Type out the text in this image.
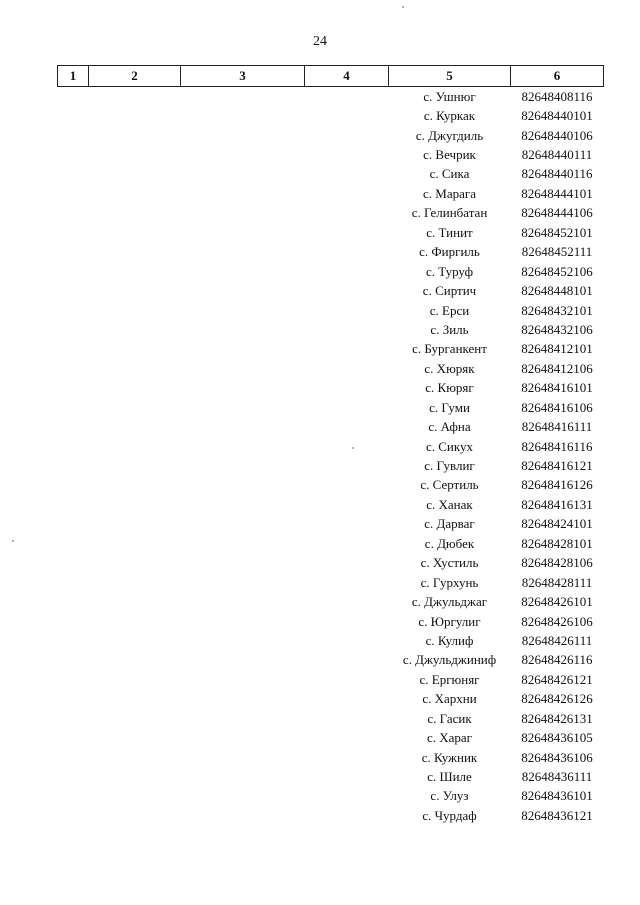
24
1	2	3	4	5	6
				с. Ушнюг	82648408116
				с. Куркак	82648440101
				с. Джугдиль	82648440106
				с. Вечрик	82648440111
				с. Сика	82648440116
				с. Марага	82648444101
				с. Гелинбатан	82648444106
				с. Тинит	82648452101
				с. Фиргиль	82648452111
				с. Туруф	82648452106
				с. Сиртич	82648448101
				с. Ерси	82648432101
				с. Зиль	82648432106
				с. Бурганкент	82648412101
				с. Хюряк	82648412106
				с. Кюряг	82648416101
				с. Гуми	82648416106
				с. Афна	82648416111
				с. Сикух	82648416116
				с. Гувлиг	82648416121
				с. Сертиль	82648416126
				с. Ханак	82648416131
				с. Дарваг	82648424101
				с. Дюбек	82648428101
				с. Хустиль	82648428106
				с. Гурхунь	82648428111
				с. Джульджаг	82648426101
				с. Юргулиг	82648426106
				с. Кулиф	82648426111
				с. Джульджиниф	82648426116
				с. Ергюняг	82648426121
				с. Хархни	82648426126
				с. Гасик	82648426131
				с. Хараг	82648436105
				с. Кужник	82648436106
				с. Шиле	82648436111
				с. Улуз	82648436101
				с. Чурдаф	82648436121
